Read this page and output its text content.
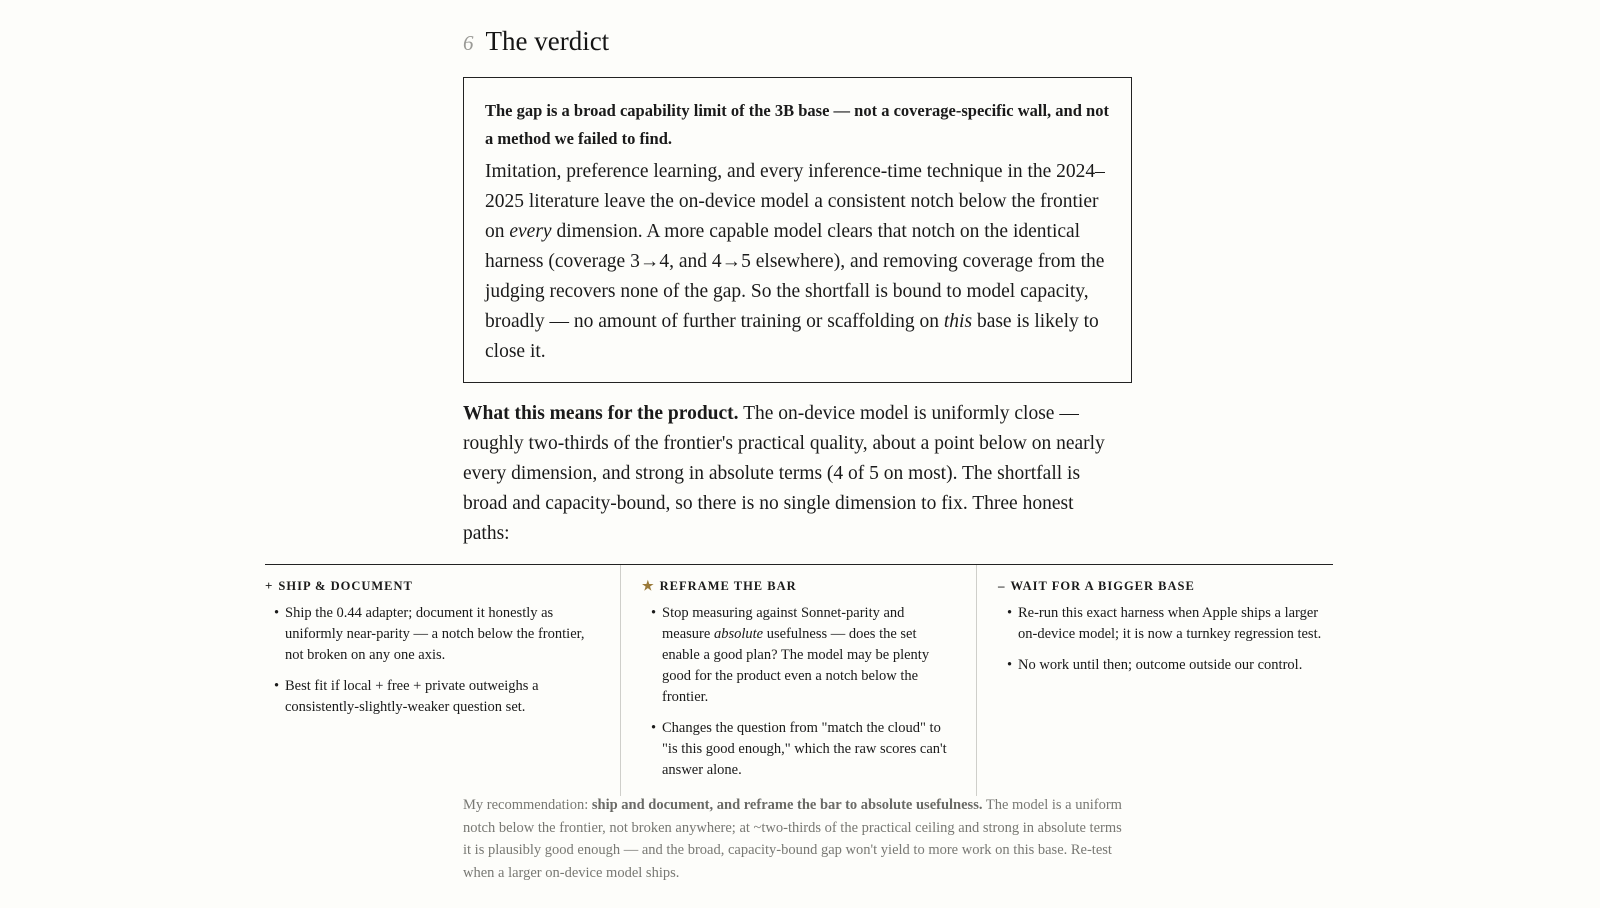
6 The verdict

The gap is a broad capability limit of the 3B base — not a coverage-specific wall, and not a method we failed to find.

Imitation, preference learning, and every inference-time technique in the 2024–2025 literature leave the on-device model a consistent notch below the frontier on every dimension. A more capable model clears that notch on the identical harness (coverage 3→4, and 4→5 elsewhere), and removing coverage from the judging recovers none of the gap. So the shortfall is bound to model capacity, broadly — no amount of further training or scaffolding on this base is likely to close it.

What this means for the product. The on-device model is uniformly close — roughly two-thirds of the frontier's practical quality, about a point below on nearly every dimension, and strong in absolute terms (4 of 5 on most). The shortfall is broad and capacity-bound, so there is no single dimension to fix. Three honest paths:

+ SHIP & DOCUMENT
• Ship the 0.44 adapter; document it honestly as uniformly near-parity — a notch below the frontier, not broken on any one axis.
• Best fit if local + free + private outweighs a consistently-slightly-weaker question set.
★ REFRAME THE BAR
• Stop measuring against Sonnet-parity and measure absolute usefulness — does the set enable a good plan? The model may be plenty good for the product even a notch below the frontier.
• Changes the question from "match the cloud" to "is this good enough," which the raw scores can't answer alone.
– WAIT FOR A BIGGER BASE
• Re-run this exact harness when Apple ships a larger on-device model; it is now a turnkey regression test.
• No work until then; outcome outside our control.

My recommendation: ship and document, and reframe the bar to absolute usefulness. The model is a uniform notch below the frontier, not broken anywhere; at ~two-thirds of the practical ceiling and strong in absolute terms it is plausibly good enough — and the broad, capacity-bound gap won't yield to more work on this base. Re-test when a larger on-device model ships.
